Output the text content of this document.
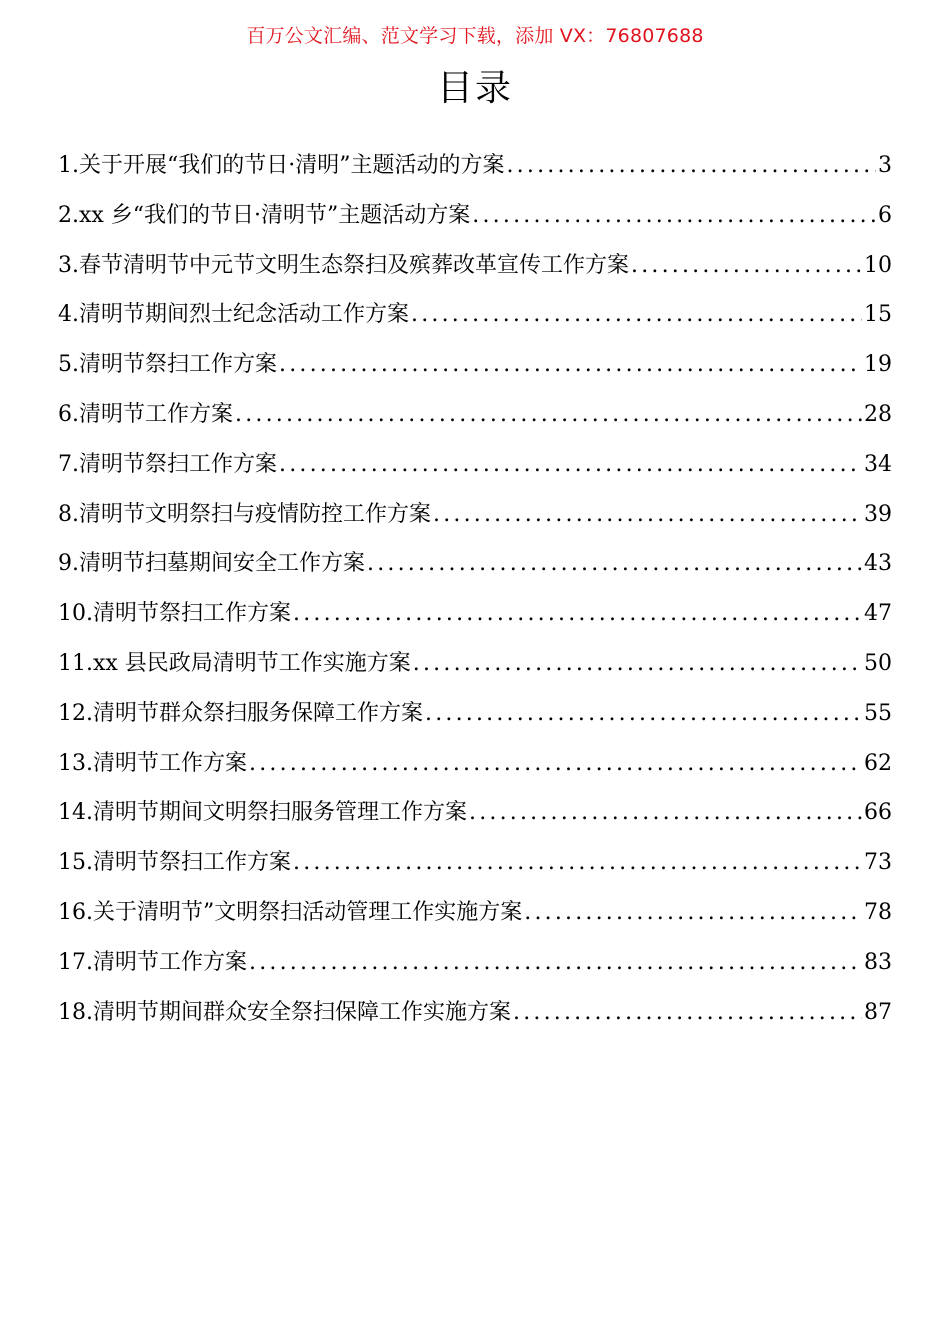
百万公文汇编、范文学习下载，添加 VX：76807688
目录
1.关于开展“我们的节日·清明”主题活动的方案 .....	3
2.xx 乡“我们的节日·清明节”主题活动方案 .....	6
3.春节清明节中元节文明生态祭扫及殡葬改革宣传工作方案 .....	10
4.清明节期间烈士纪念活动工作方案 .....	15
5.清明节祭扫工作方案 .....	19
6.清明节工作方案 .....	28
7.清明节祭扫工作方案 .....	34
8.清明节文明祭扫与疫情防控工作方案 .....	39
9.清明节扫墓期间安全工作方案 .....	43
10.清明节祭扫工作方案 .....	47
11.xx 县民政局清明节工作实施方案 .....	50
12.清明节群众祭扫服务保障工作方案 .....	55
13.清明节工作方案 .....	62
14.清明节期间文明祭扫服务管理工作方案 .....	66
15.清明节祭扫工作方案 .....	73
16.关于清明节”文明祭扫活动管理工作实施方案 .....	78
17.清明节工作方案 .....	83
18.清明节期间群众安全祭扫保障工作实施方案 .....	87
